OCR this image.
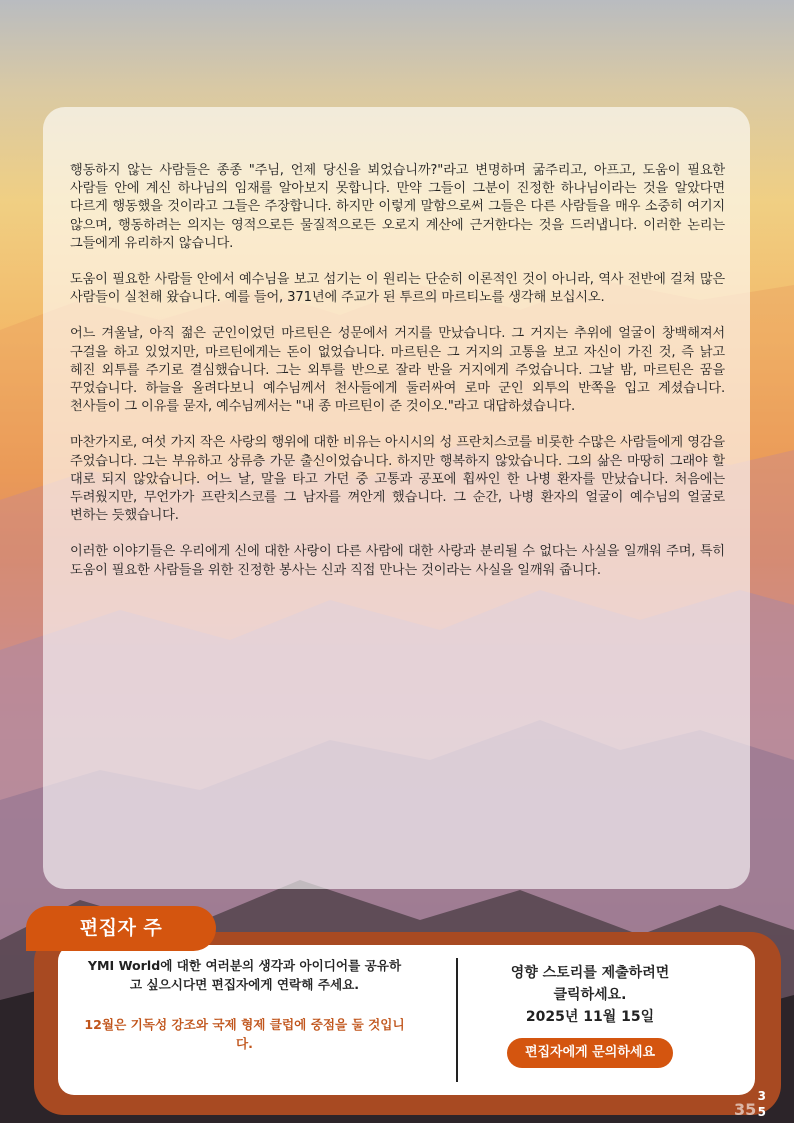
행동하지 않는 사람들은 종종 "주님, 언제 당신을 뵈었습니까?"라고 변명하며 굶주리고, 아프고, 도움이 필요한 사람들 안에 계신 하나님의 임재를 알아보지 못합니다. 만약 그들이 그분이 진정한 하나님이라는 것을 알았다면 다르게 행동했을 것이라고 그들은 주장합니다. 하지만 이렇게 말함으로써 그들은 다른 사람들을 매우 소중히 여기지 않으며, 행동하려는 의지는 영적으로든 물질적으로든 오로지 계산에 근거한다는 것을 드러냅니다. 이러한 논리는 그들에게 유리하지 않습니다.

도움이 필요한 사람들 안에서 예수님을 보고 섬기는 이 원리는 단순히 이론적인 것이 아니라, 역사 전반에 걸쳐 많은 사람들이 실천해 왔습니다. 예를 들어, 371년에 주교가 된 투르의 마르티노를 생각해 보십시오.

어느 겨울날, 아직 젊은 군인이었던 마르틴은 성문에서 거지를 만났습니다. 그 거지는 추위에 얼굴이 창백해져서 구걸을 하고 있었지만, 마르틴에게는 돈이 없었습니다. 마르틴은 그 거지의 고통을 보고 자신이 가진 것, 즉 낡고 헤진 외투를 주기로 결심했습니다. 그는 외투를 반으로 잘라 반을 거지에게 주었습니다. 그날 밤, 마르틴은 꿈을 꾸었습니다. 하늘을 올려다보니 예수님께서 천사들에게 둘러싸여 로마 군인 외투의 반쪽을 입고 계셨습니다. 천사들이 그 이유를 묻자, 예수님께서는 "내 종 마르틴이 준 것이오."라고 대답하셨습니다.

마찬가지로, 여섯 가지 작은 사랑의 행위에 대한 비유는 아시시의 성 프란치스코를 비롯한 수많은 사람들에게 영감을 주었습니다. 그는 부유하고 상류층 가문 출신이었습니다. 하지만 행복하지 않았습니다. 그의 삶은 마땅히 그래야 할 대로 되지 않았습니다. 어느 날, 말을 타고 가던 중 고통과 공포에 휩싸인 한 나병 환자를 만났습니다. 처음에는 두려웠지만, 무언가가 프란치스코를 그 남자를 껴안게 했습니다. 그 순간, 나병 환자의 얼굴이 예수님의 얼굴로 변하는 듯했습니다.

이러한 이야기들은 우리에게 신에 대한 사랑이 다른 사람에 대한 사랑과 분리될 수 없다는 사실을 일깨워 주며, 특히 도움이 필요한 사람들을 위한 진정한 봉사는 신과 직접 만나는 것이라는 사실을 일깨워 줍니다.

편집자 주
YMI World에 대한 여러분의 생각과 아이디어를 공유하고 싶으시다면 편집자에게 연락해 주세요.
12월은 기독성 강조와 국제 형제 클럽에 중점을 둘 것입니다.
영향 스토리를 제출하려면
클릭하세요.
2025년 11월 15일
편집자에게 문의하세요
35
3
5
